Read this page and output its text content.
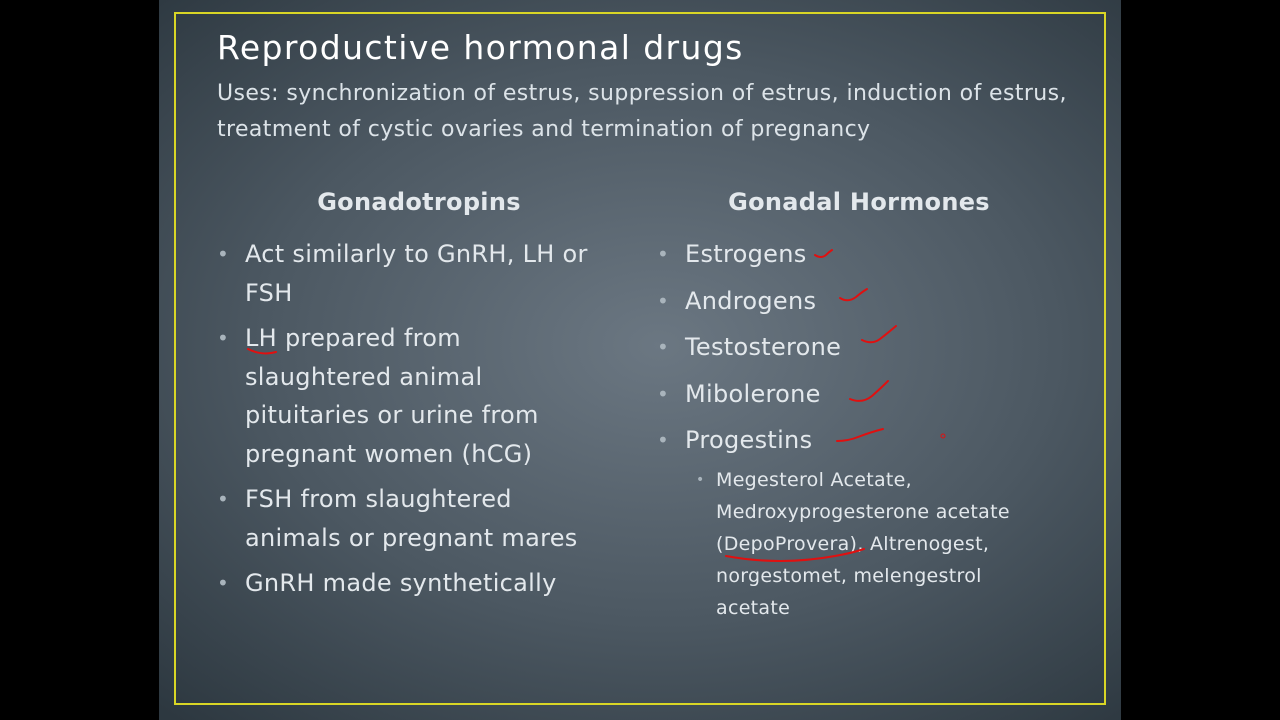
Reproductive hormonal drugs

Uses: synchronization of estrus, suppression of estrus, induction of estrus, treatment of cystic ovaries and termination of pregnancy

Gonadotropins	Gonadal Hormones
• Act similarly to GnRH, LH or FSH
• LH prepared from slaughtered animal pituitaries or urine from pregnant women (hCG)
• FSH from slaughtered animals or pregnant mares
• GnRH made synthetically
• Estrogens
• Androgens
• Testosterone
• Mibolerone
• Progestins
• Megesterol Acetate, Medroxyprogesterone acetate (DepoProvera), Altrenogest, norgestomet, melengestrol acetate
